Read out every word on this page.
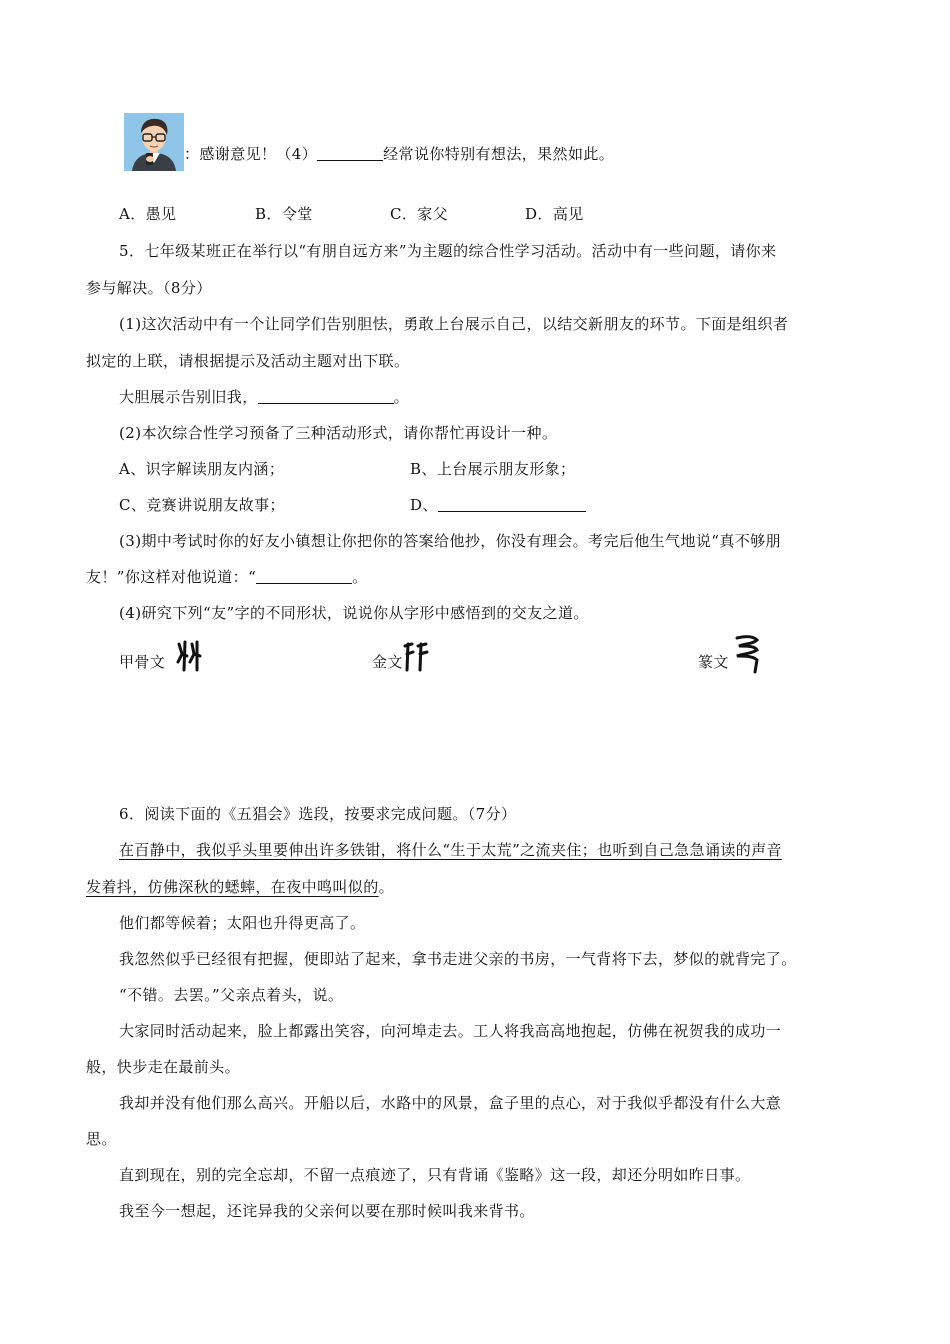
：感谢意见！（4）	经常说你特别有想法，果然如此。
A．愚见	B．令堂	C．家父	D．高见
5．七年级某班正在举行以“有朋自远方来”为主题的综合性学习活动。活动中有一些问题，请你来
参与解决。（8分）
(1)这次活动中有一个让同学们告别胆怯，勇敢上台展示自己，以结交新朋友的环节。下面是组织者
拟定的上联，请根据提示及活动主题对出下联。
大胆展示告别旧我，	。
(2)本次综合性学习预备了三种活动形式，请你帮忙再设计一种。
A、识字解读朋友内涵；	B、上台展示朋友形象；
C、竞赛讲说朋友故事；	D、
(3)期中考试时你的好友小镇想让你把你的答案给他抄，你没有理会。考完后他生气地说“真不够朋
友！”你这样对他说道：“	。
(4)研究下列“友”字的不同形状，说说你从字形中感悟到的交友之道。
甲骨文	金文	篆文
6．阅读下面的《五猖会》选段，按要求完成问题。（7分）
在百静中，我似乎头里要伸出许多铁钳，将什么“生于太荒”之流夹住；也听到自己急急诵读的声音
发着抖，仿佛深秋的蟋蟀，在夜中鸣叫似的。
他们都等候着；太阳也升得更高了。
我忽然似乎已经很有把握，便即站了起来，拿书走进父亲的书房，一气背将下去，梦似的就背完了。
“不错。去罢。”父亲点着头，说。
大家同时活动起来，脸上都露出笑容，向河埠走去。工人将我高高地抱起，仿佛在祝贺我的成功一
般，快步走在最前头。
我却并没有他们那么高兴。开船以后，水路中的风景，盒子里的点心，对于我似乎都没有什么大意
思。
直到现在，别的完全忘却，不留一点痕迹了，只有背诵《鉴略》这一段，却还分明如昨日事。
我至今一想起，还诧异我的父亲何以要在那时候叫我来背书。
